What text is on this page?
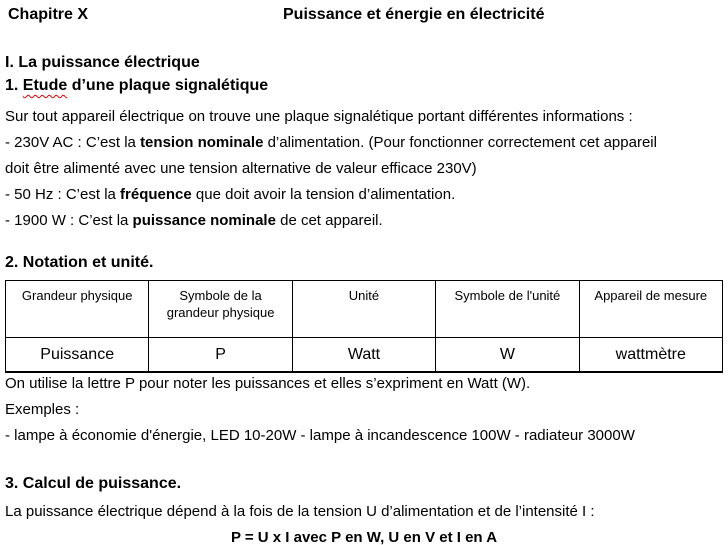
Chapitre X	Puissance et énergie en électricité
I. La puissance électrique
1. Etude d’une plaque signalétique
Sur tout appareil électrique on trouve une plaque signalétique portant différentes informations :
- 230V AC : C’est la tension nominale d’alimentation. (Pour fonctionner correctement cet appareil doit être alimenté avec une tension alternative de valeur efficace 230V)
- 50 Hz : C’est la fréquence que doit avoir la tension d’alimentation.
- 1900 W : C’est la puissance nominale de cet appareil.
2. Notation et unité.
Grandeur physique	Symbole de la grandeur physique	Unité	Symbole de l'unité	Appareil de mesure
Puissance	P	Watt	W	wattmètre
On utilise la lettre P pour noter les puissances et elles s’expriment en Watt (W).
Exemples :
- lampe à économie d'énergie, LED 10-20W - lampe à incandescence 100W - radiateur 3000W
3. Calcul de puissance.
La puissance électrique dépend à la fois de la tension U d’alimentation et de l’intensité I :
P = U x I avec P en W, U en V et I en A
